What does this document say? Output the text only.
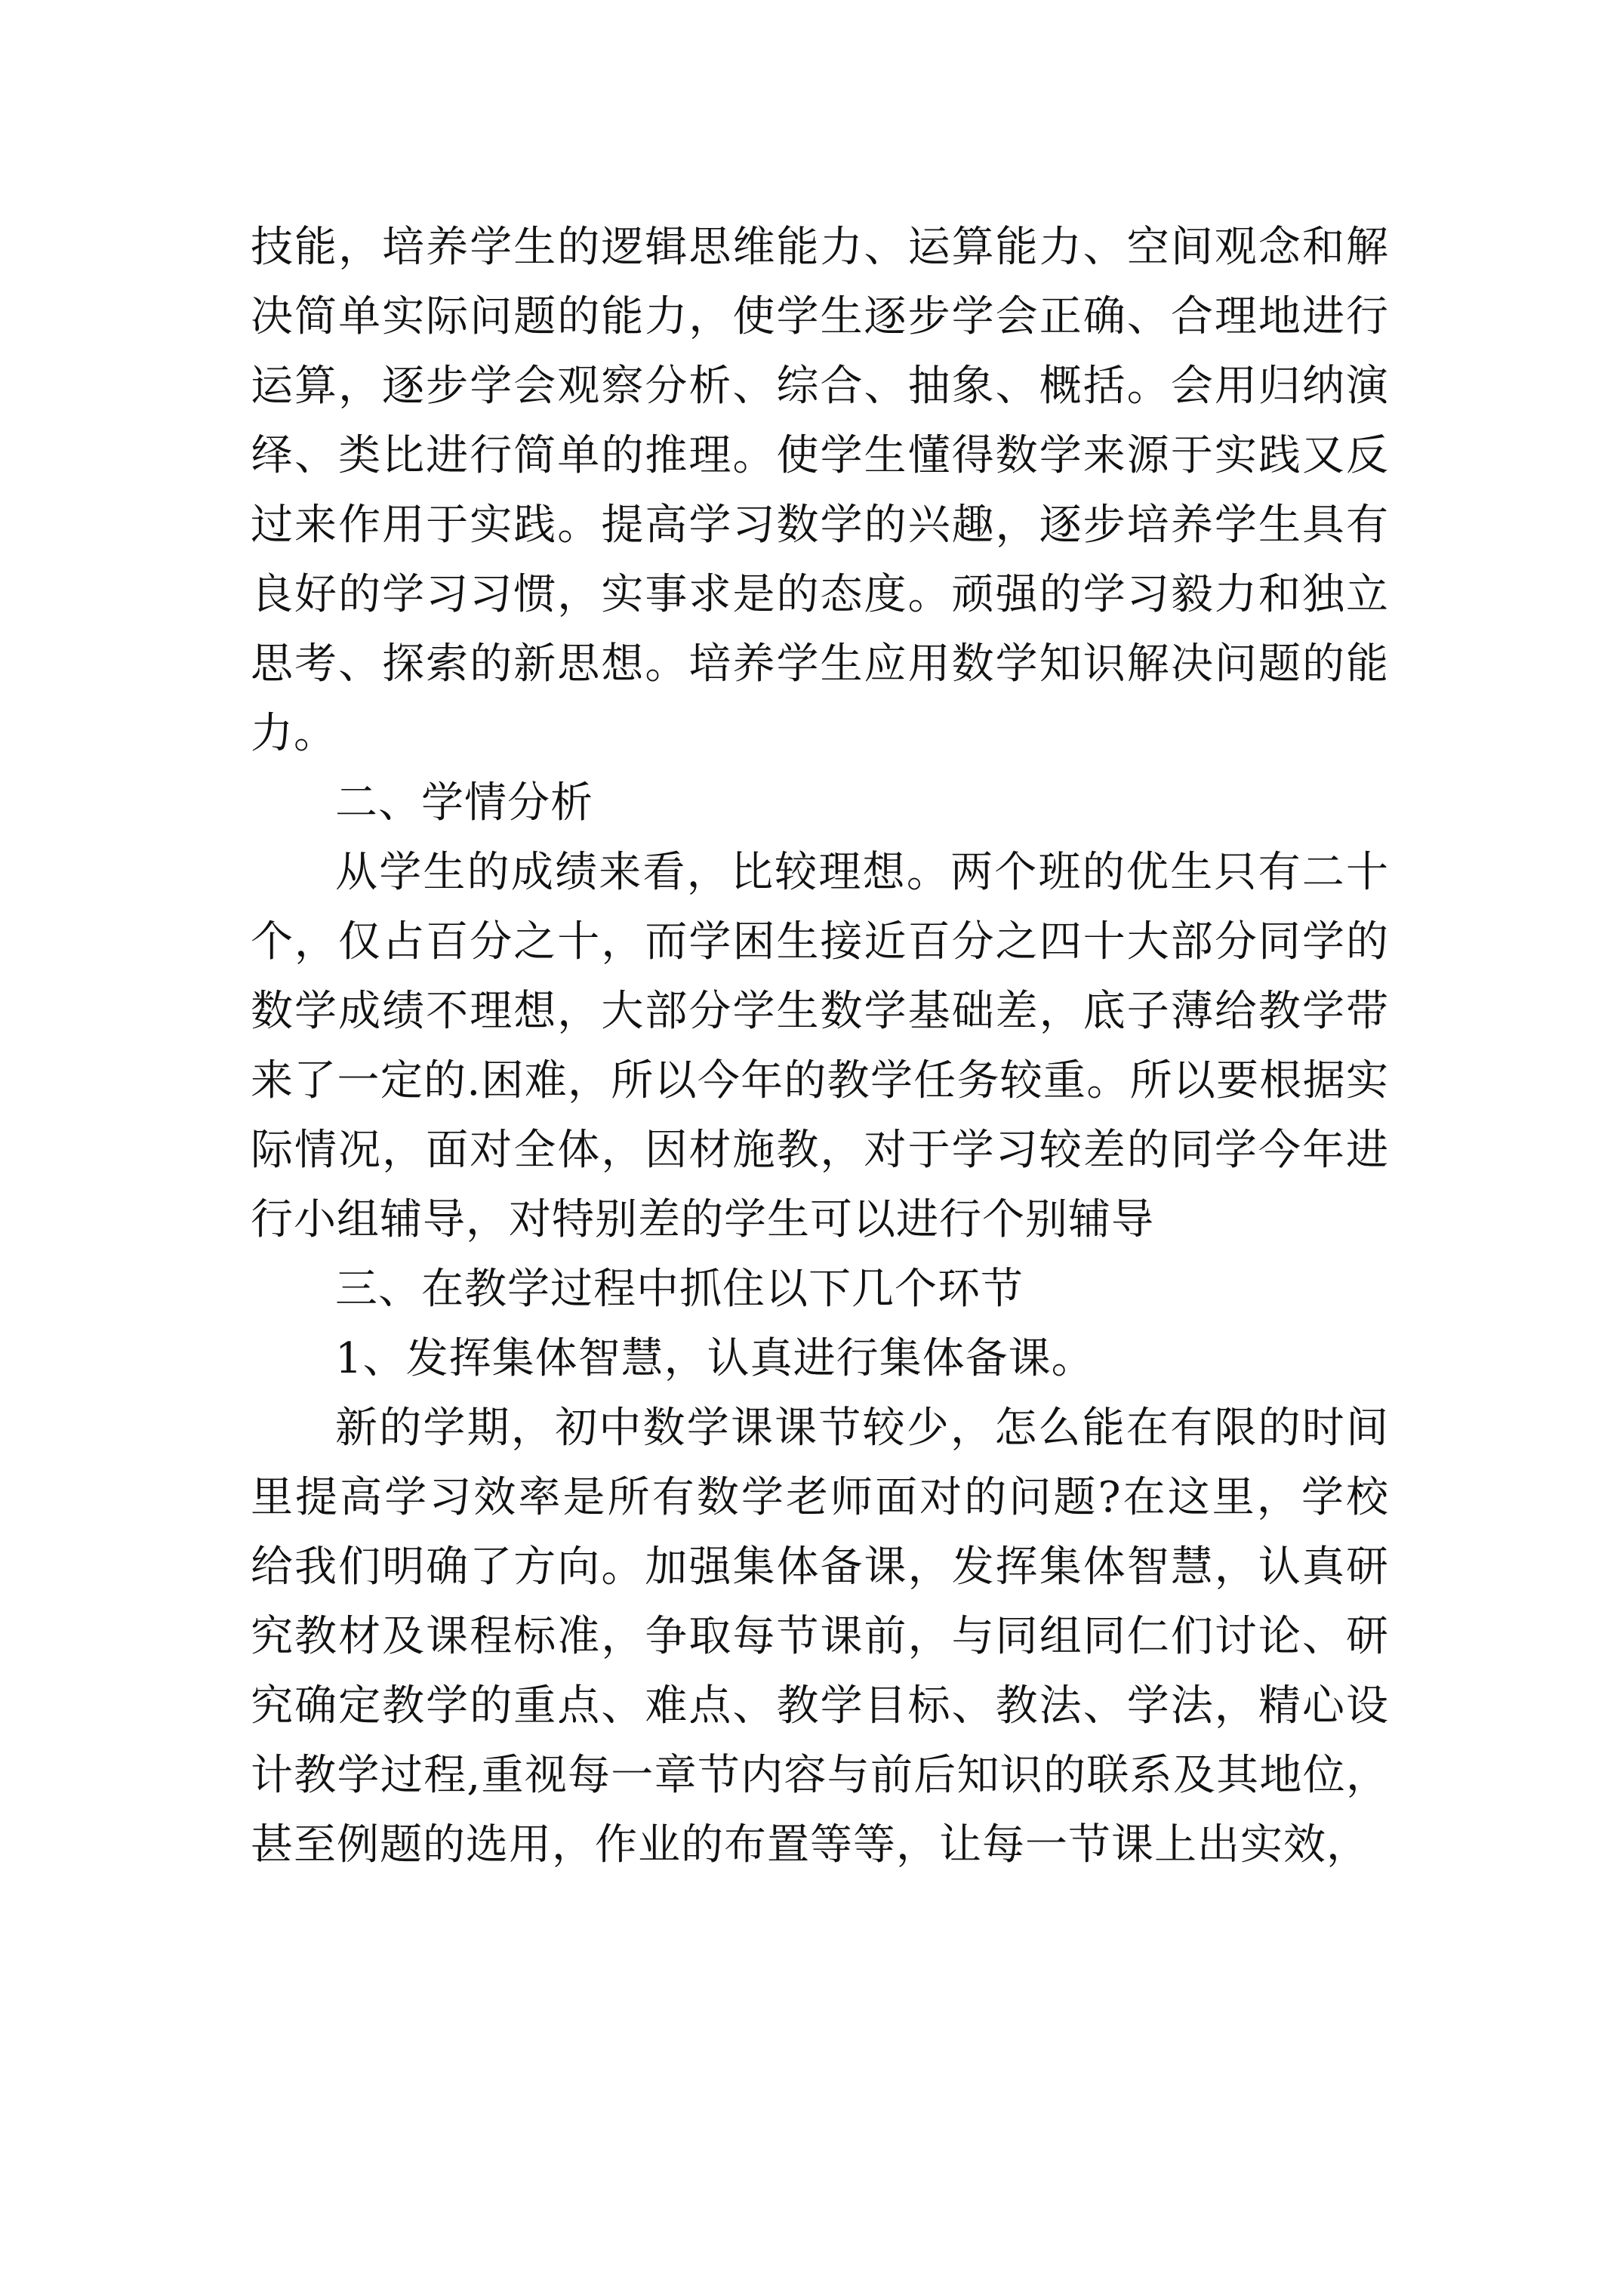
技能，培养学生的逻辑思维能力、运算能力、空间观念和解决简单实际问题的能力，使学生逐步学会正确、合理地进行运算，逐步学会观察分析、综合、抽象、概括。会用归纳演绎、类比进行简单的推理。使学生懂得数学来源于实践又反过来作用于实践。提高学习数学的兴趣，逐步培养学生具有良好的学习习惯，实事求是的态度。顽强的学习毅力和独立思考、探索的新思想。培养学生应用数学知识解决问题的能力。

二、学情分析

从学生的成绩来看，比较理想。两个班的优生只有二十个，仅占百分之十，而学困生接近百分之四十大部分同学的数学成绩不理想，大部分学生数学基础差，底子薄给教学带来了一定的.困难，所以今年的教学任务较重。所以要根据实际情况，面对全体，因材施教，对于学习较差的同学今年进行小组辅导，对特别差的学生可以进行个别辅导

三、在教学过程中抓住以下几个环节

1、发挥集体智慧，认真进行集体备课。

新的学期，初中数学课课节较少，怎么能在有限的时间里提高学习效率是所有数学老师面对的问题?在这里，学校给我们明确了方向。加强集体备课，发挥集体智慧，认真研究教材及课程标准，争取每节课前，与同组同仁们讨论、研究确定教学的重点、难点、教学目标、教法、学法，精心设计教学过程,重视每一章节内容与前后知识的联系及其地位，甚至例题的选用，作业的布置等等，让每一节课上出实效，
